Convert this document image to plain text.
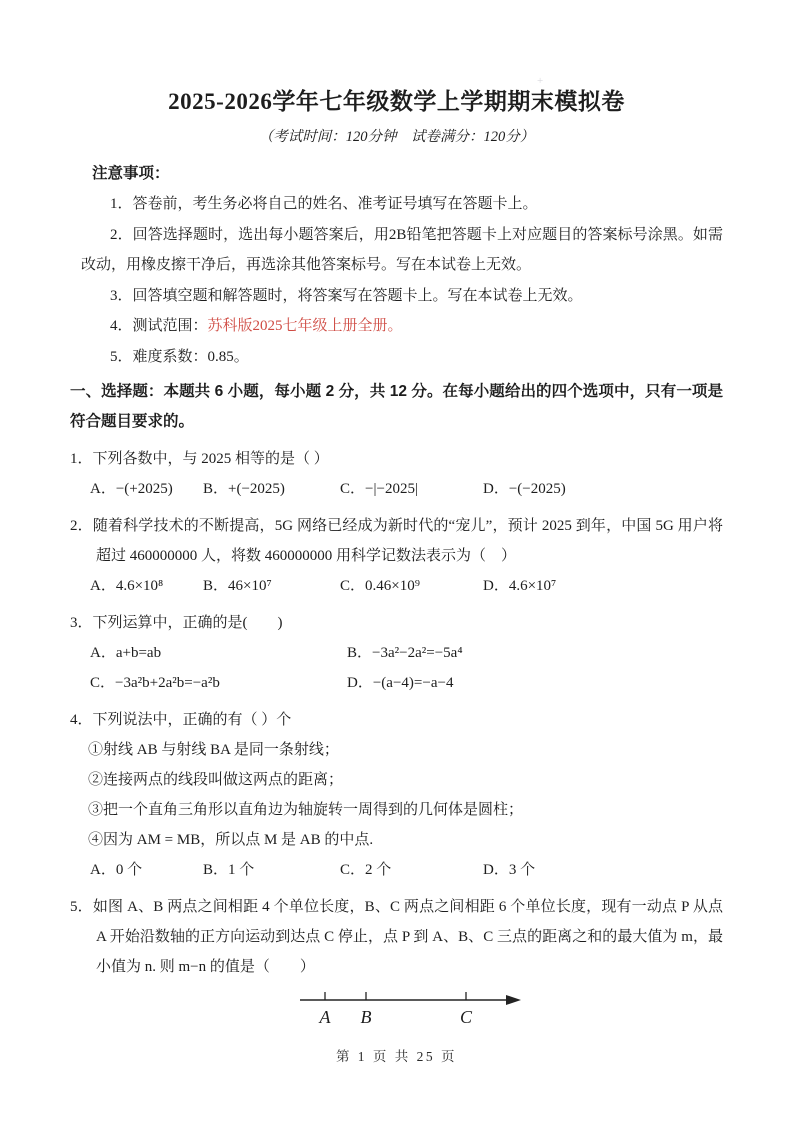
+
2025-2026学年七年级数学上学期期末模拟卷

（考试时间：120分钟　试卷满分：120分）

注意事项：

1．答卷前，考生务必将自己的姓名、准考证号填写在答题卡上。

2．回答选择题时，选出每小题答案后，用2B铅笔把答题卡上对应题目的答案标号涂黑。如需改动，用橡皮擦干净后，再选涂其他答案标号。写在本试卷上无效。

3．回答填空题和解答题时，将答案写在答题卡上。写在本试卷上无效。

4．测试范围：苏科版2025七年级上册全册。

5．难度系数：0.85。

一、选择题：本题共 6 小题，每小题 2 分，共 12 分。在每小题给出的四个选项中，只有一项是符合题目要求的。

1．下列各数中，与 2025 相等的是（ ）

A．−(+2025)	B．+(−2025)	C．−|−2025|	D．−(−2025)

2．随着科学技术的不断提高，5G 网络已经成为新时代的“宠儿”，预计 2025 到年，中国 5G 用户将超过 460000000 人，将数 460000000 用科学记数法表示为（　）

A．4.6×10⁸	B．46×10⁷	C．0.46×10⁹	D．4.6×10⁷

3．下列运算中，正确的是(　　)

A．a+b=ab	B．−3a²−2a²=−5a⁴
C．−3a²b+2a²b=−a²b	D．−(a−4)=−a−4

4．下列说法中，正确的有（ ）个

①射线 AB 与射线 BA 是同一条射线；

②连接两点的线段叫做这两点的距离；

③把一个直角三角形以直角边为轴旋转一周得到的几何体是圆柱；

④因为 AM = MB，所以点 M 是 AB 的中点.

A．0 个	B．1 个	C．2 个	D．3 个

5．如图 A、B 两点之间相距 4 个单位长度，B、C 两点之间相距 6 个单位长度，现有一动点 P 从点 A 开始沿数轴的正方向运动到达点 C 停止，点 P 到 A、B、C 三点的距离之和的最大值为 m，最小值为 n. 则 m−n 的值是（　　）

A B	C
第 1 页 共 25 页
